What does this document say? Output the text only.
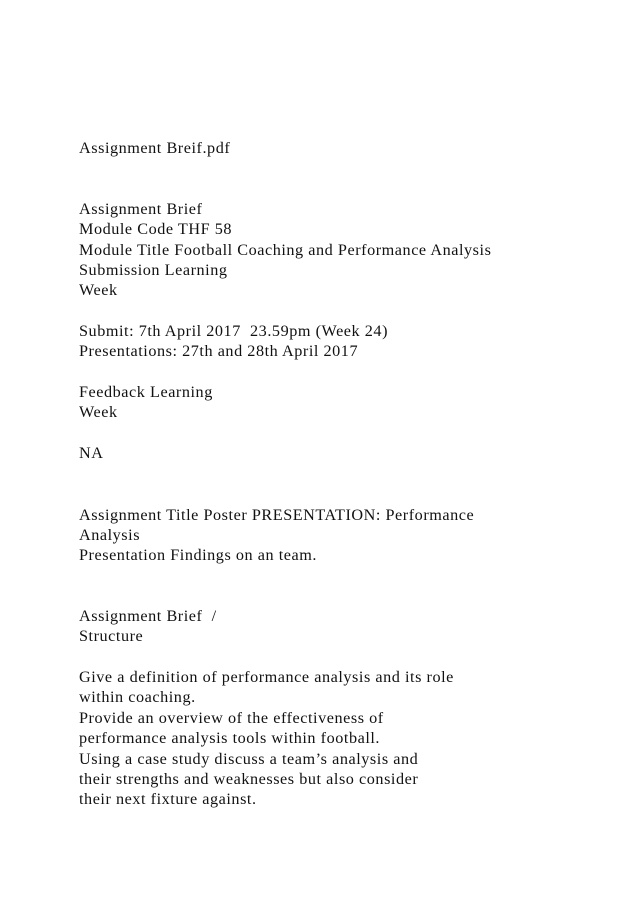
Assignment Breif.pdf

Assignment Brief

Module Code THF 58

Module Title Football Coaching and Performance Analysis

Submission Learning

Week

Submit: 7th April 2017  23.59pm (Week 24)

Presentations: 27th and 28th April 2017

Feedback Learning

Week

NA

Assignment Title Poster PRESENTATION: Performance

Analysis

Presentation Findings on an team.

Assignment Brief  /

Structure

Give a definition of performance analysis and its role

within coaching.

Provide an overview of the effectiveness of

performance analysis tools within football.

Using a case study discuss a team’s analysis and

their strengths and weaknesses but also consider

their next fixture against.
